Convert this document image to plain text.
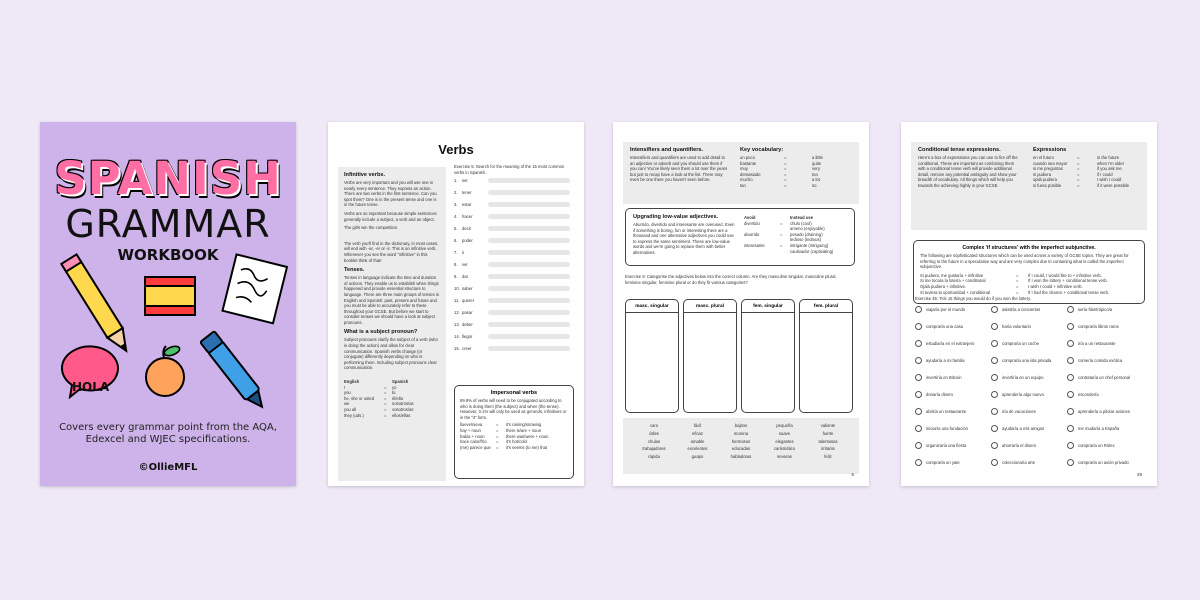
SPANISH
GRAMMAR
WORKBOOK
HOLA
Covers every grammar point from the AQA, Edexcel and WJEC specifications.
©OllieMFL
Verbs
Infinitive verbs.
Verbs are very important and you will use one in nearly every sentence. They express an action. There are two verbs in the first sentence. Can you spot them? One is in the present tense and one is in the future tense.
Verbs are so important because simple sentences generally include a subject, a verb and an object.
The girls win the competition.
The verb you'll find in the dictionary, in most cases, will end with -ar, -er or -ir. This is an infinitive verb. Whenever you see the word "infinitive" in this booklet think of that!
Tenses.
Tenses in language indicate the time and duration of actions. They enable us to establish when things happened and provide essential structure to language. There are three main groups of tenses in English and Spanish: past, present and future and you must be able to accurately refer to these throughout your GCSE. But before we start to consider tenses we should have a look at subject pronouns.
What is a subject pronoun?
Subject pronouns clarify the subject of a verb (who is doing the action) and allow for clear communication. Spanish verbs change (or conjugate) differently depending on who is performing them. Including subject pronouns clear communication.
English	Spanish
I	=	yo
you	=	tú
he, she or usted	=	él/ella
we	=	nosotros/as
you all	=	vosotros/as
they (uds.)	=	ellos/ellas
Exercise 5: Search for the meaning of the 15 most common verbs in Spanish.
1.	ser
2.	tener
3.	estar
4.	hacer
5.	decir
6.	poder
7.	ir
8.	ver
9.	dar
10. saber
11. querer
12. pasar
13. deber
14. llegar
15. creer
Impersonal verbs
99.9% of verbs will need to be conjugated according to who is doing them (the subject) and when (the tense). However, 0.1% will only be used as gerunds, infinitives or in the "it" form.
llueve/nieva	=	it's raining/snowing
hay + noun	=	there is/are + noun
había + noun	=	there was/were + noun
hace calor/frío	=	it's hot/cold
(me) parece que	=	it's seems (to me) that
Intensifiers and quantifiers.
Intensifiers and quantifiers are used to add detail to an adjective or adverb and you should use them if you can! You've likely seen them a lot over the years but just to recap have a look at the list. There may even be one there you haven't seen before.
Key vocabulary:
un poco	=	a little
bastante	=	quite
muy	=	very
demasiado	=	too
mucho	=	a lot
tan	=	so
Upgrading low-value adjectives.
Aburrido, divertido and interesante are overused. Even if something is boring, fun or interesting there are a thousand and one alternative adjectives you could use to express the same sentiment. These are low-value words and we're going to replace them with better alternatives.
Avoid	Instead use
divertido	=	chulo (cool)
ameno (enjoyable)
aburrido	=	pesado (draining)
tedioso (tedious)
interesante	=	intrigante (intriguing)
cautivador (captivating)
Exercise 9: Categorise the adjectives below into the correct column. Are they masculine singular, masculine plural, feminine singular, feminine plural or do they fit various categories?
masc. singular	masc. plural	fem. singular	fem. plural
caro	fácil	bajitos	pequeña	valiente
útiles	eficaz	morena	suave	fuerte
chulas	amable	hermosos	elegantes	talentosas
trabajadores	excelentes	educadas	carismático	irritante
rápida	guapo	habladoras	severas	feliz
6
Conditional tense expressions.
Here's a box of expressions you can use to fire off the conditional. These are important as combining them with a conditional tense verb will provide additional detail, remove any potential ambiguity and show your breadth of vocabulary. All things which will help you towards the achieving highly in your GCSE.
Expressions
en el futuro	=	in the future
cuando sea mayor	=	when I'm older
si me preguntas	=	if you ask me
si pudiera	=	if I could
ojalá pudiera	=	I wish I could
si fuera posible	=	if it were possible
Complex 'if structures' with the imperfect subjunctive.
The following are sophisticated structures which can be used across a variety of GCSE topics. They are great for referring to the future in a speculative way and are very complex due to containing what is called the imperfect subjunctive.
Si pudiera, me gustaría + infinitive	=	If I could, I would like to + infinitive verb.
Si me tocara la lotería + conditional	=	If I won the lottery + conditional tense verb.
Ojalá pudiera + infinitive.	=	I wish I could + infinitive verb.
Si tuviera la oportunidad + conditional	=	If I had the chance + conditional tense verb.
Exercise 45: Tick 15 things you would do if you won the lottery.
viajaría por el mundo	asistiría a conciertos	sería filantrópico/a
compraría una casa	haría voluntario	compraría libros raros
estudiaría en el extranjero	compraría un coche	iría a un restaurante
ayudaría a mi familia	compraría una isla privada	comería comida exótica
invertiría en Bitcoin	invertiría en un equipo	contrataría un chef personal
donaría dinero	aprendería algo nuevo	escondería
abriría un restaurante	iría de vacaciones	aprendería a pilotar aviones
iniciaría una fundación	ayudaría a mis amigos	me mudaría a España
organizaría una fiesta	ahorraría el dinero	compraría un Rolex
compraría un yate	coleccionaría arte	compraría un avión privado
28
